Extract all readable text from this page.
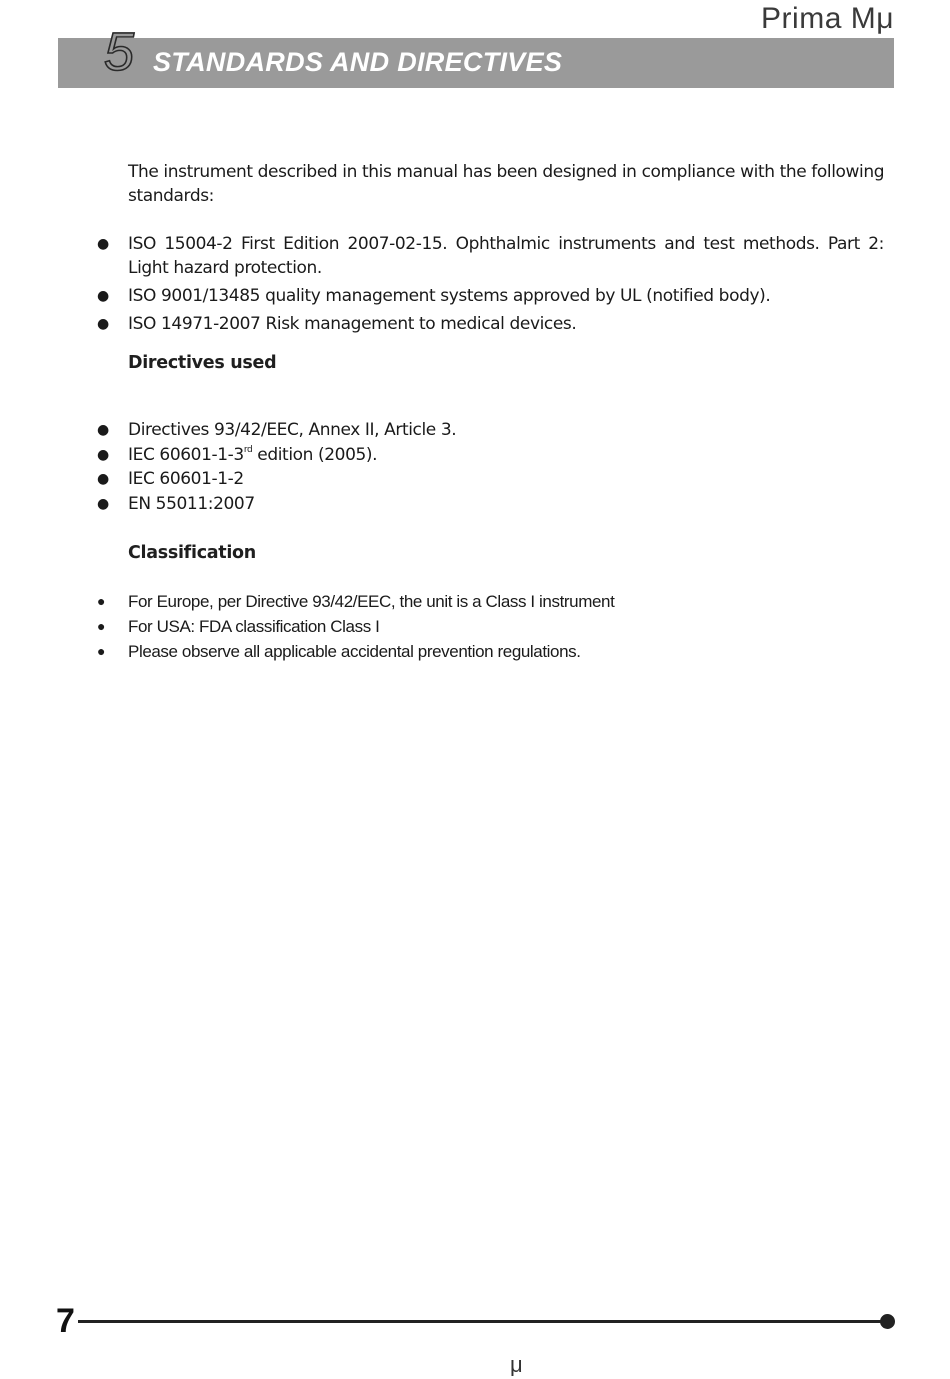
Prima Mμ
5 STANDARDS AND DIRECTIVES

The instrument described in this manual has been designed in compliance with the following standards:

● ISO 15004-2 First Edition 2007-02-15. Ophthalmic instruments and test methods. Part 2: Light hazard protection.
● ISO 9001/13485 quality management systems approved by UL (notified body).
● ISO 14971-2007 Risk management to medical devices.
Directives used
● Directives 93/42/EEC, Annex II, Article 3.
● IEC 60601-1-3rd edition (2005).
● IEC 60601-1-2
● EN 55011:2007
Classification
● For Europe, per Directive 93/42/EEC, the unit is a Class I instrument
● For USA: FDA classification Class I
● Please observe all applicable accidental prevention regulations.
7
μ
